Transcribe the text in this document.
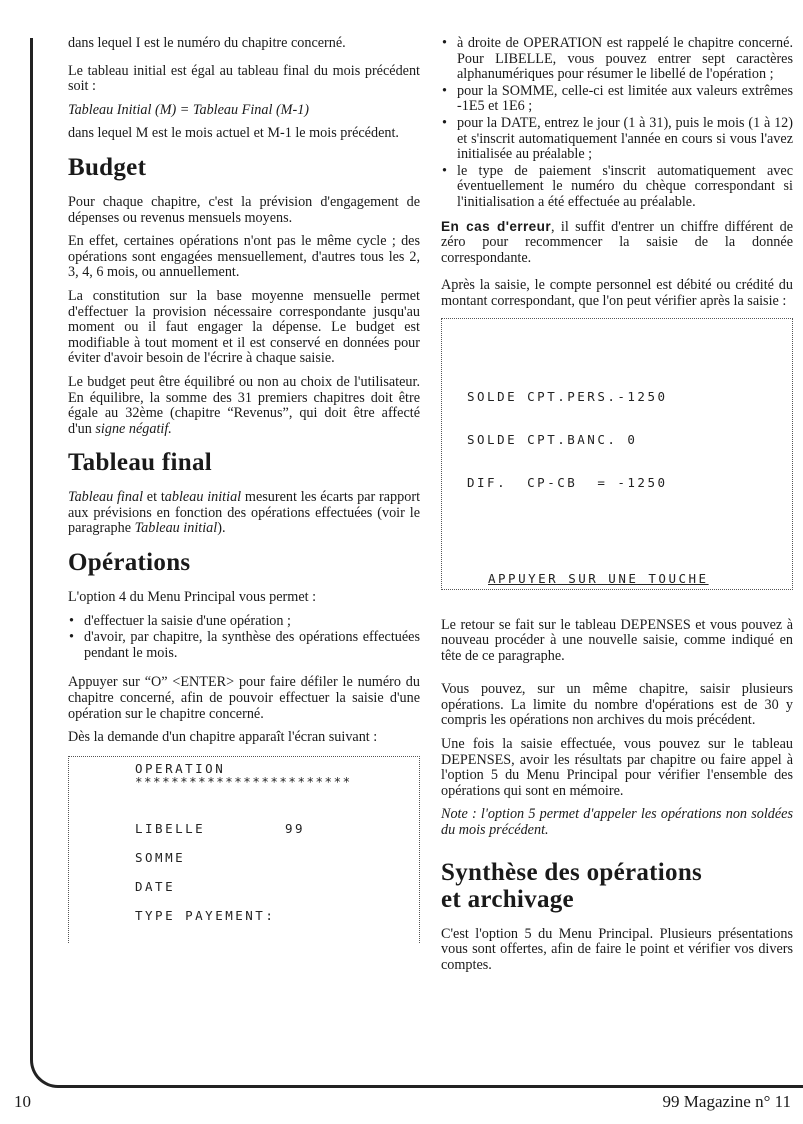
dans lequel I est le numéro du chapitre concerné.

Le tableau initial est égal au tableau final du mois précédent soit :

Tableau Initial (M) = Tableau Final (M-1)

dans lequel M est le mois actuel et M-1 le mois précédent.

Budget

Pour chaque chapitre, c'est la prévision d'engagement de dépenses ou revenus mensuels moyens.

En effet, certaines opérations n'ont pas le même cycle ; des opérations sont engagées mensuellement, d'autres tous les 2, 3, 4, 6 mois, ou annuellement.

La constitution sur la base moyenne mensuelle permet d'effectuer la provision nécessaire correspondante jusqu'au moment ou il faut engager la dépense. Le budget est modifiable à tout moment et il est conservé en données pour éviter d'avoir besoin de l'écrire à chaque saisie.

Le budget peut être équilibré ou non au choix de l'utilisateur. En équilibre, la somme des 31 premiers chapitres doit être égale au 32ème (chapitre “Revenus”, qui doit être affecté d'un signe négatif.

Tableau final

Tableau final et tableau initial mesurent les écarts par rapport aux prévisions en fonction des opérations effectuées (voir le paragraphe Tableau initial).

Opérations

L'option 4 du Menu Principal vous permet :

• d'effectuer la saisie d'une opération ;
• d'avoir, par chapitre, la synthèse des opérations effectuées pendant le mois.

Appuyer sur “O” <ENTER> pour faire défiler le numéro du chapitre concerné, afin de pouvoir effectuer la saisie d'une opération sur le chapitre concerné.

Dès la demande d'un chapitre apparaît l'écran suivant :

OPERATION
************************
LIBELLE	99
SOMME
DATE
TYPE PAYEMENT:
• à droite de OPERATION est rappelé le chapitre concerné. Pour LIBELLE, vous pouvez entrer sept caractères alphanumériques pour résumer le libellé de l'opération ;
• pour la SOMME, celle-ci est limitée aux valeurs extrêmes -1E5 et 1E6 ;
• pour la DATE, entrez le jour (1 à 31), puis le mois (1 à 12) et s'inscrit automatiquement l'année en cours si vous l'avez initialisée au préalable ;
• le type de paiement s'inscrit automatiquement avec éventuellement le numéro du chèque correspondant si l'initialisation a été effectuée au préalable.

En cas d'erreur, il suffit d'entrer un chiffre différent de zéro pour recommencer la saisie de la donnée correspondante.

Après la saisie, le compte personnel est débité ou crédité du montant correspondant, que l'on peut vérifier après la saisie :

SOLDE CPT.PERS.-1250
SOLDE CPT.BANC. 0
DIF.  CP-CB  = -1250
APPUYER SUR UNE TOUCHE

Le retour se fait sur le tableau DEPENSES et vous pouvez à nouveau procéder à une nouvelle saisie, comme indiqué en tête de ce paragraphe.

Vous pouvez, sur un même chapitre, saisir plusieurs opérations. La limite du nombre d'opérations est de 30 y compris les opérations non archives du mois précédent.

Une fois la saisie effectuée, vous pouvez sur le tableau DEPENSES, avoir les résultats par chapitre ou faire appel à l'option 5 du Menu Principal pour vérifier l'ensemble des opérations qui sont en mémoire.

Note : l'option 5 permet d'appeler les opérations non soldées du mois précédent.

Synthèse des opérations
et archivage

C'est l'option 5 du Menu Principal. Plusieurs présentations vous sont offertes, afin de faire le point et vérifier vos divers comptes.

10	99 Magazine n° 11
